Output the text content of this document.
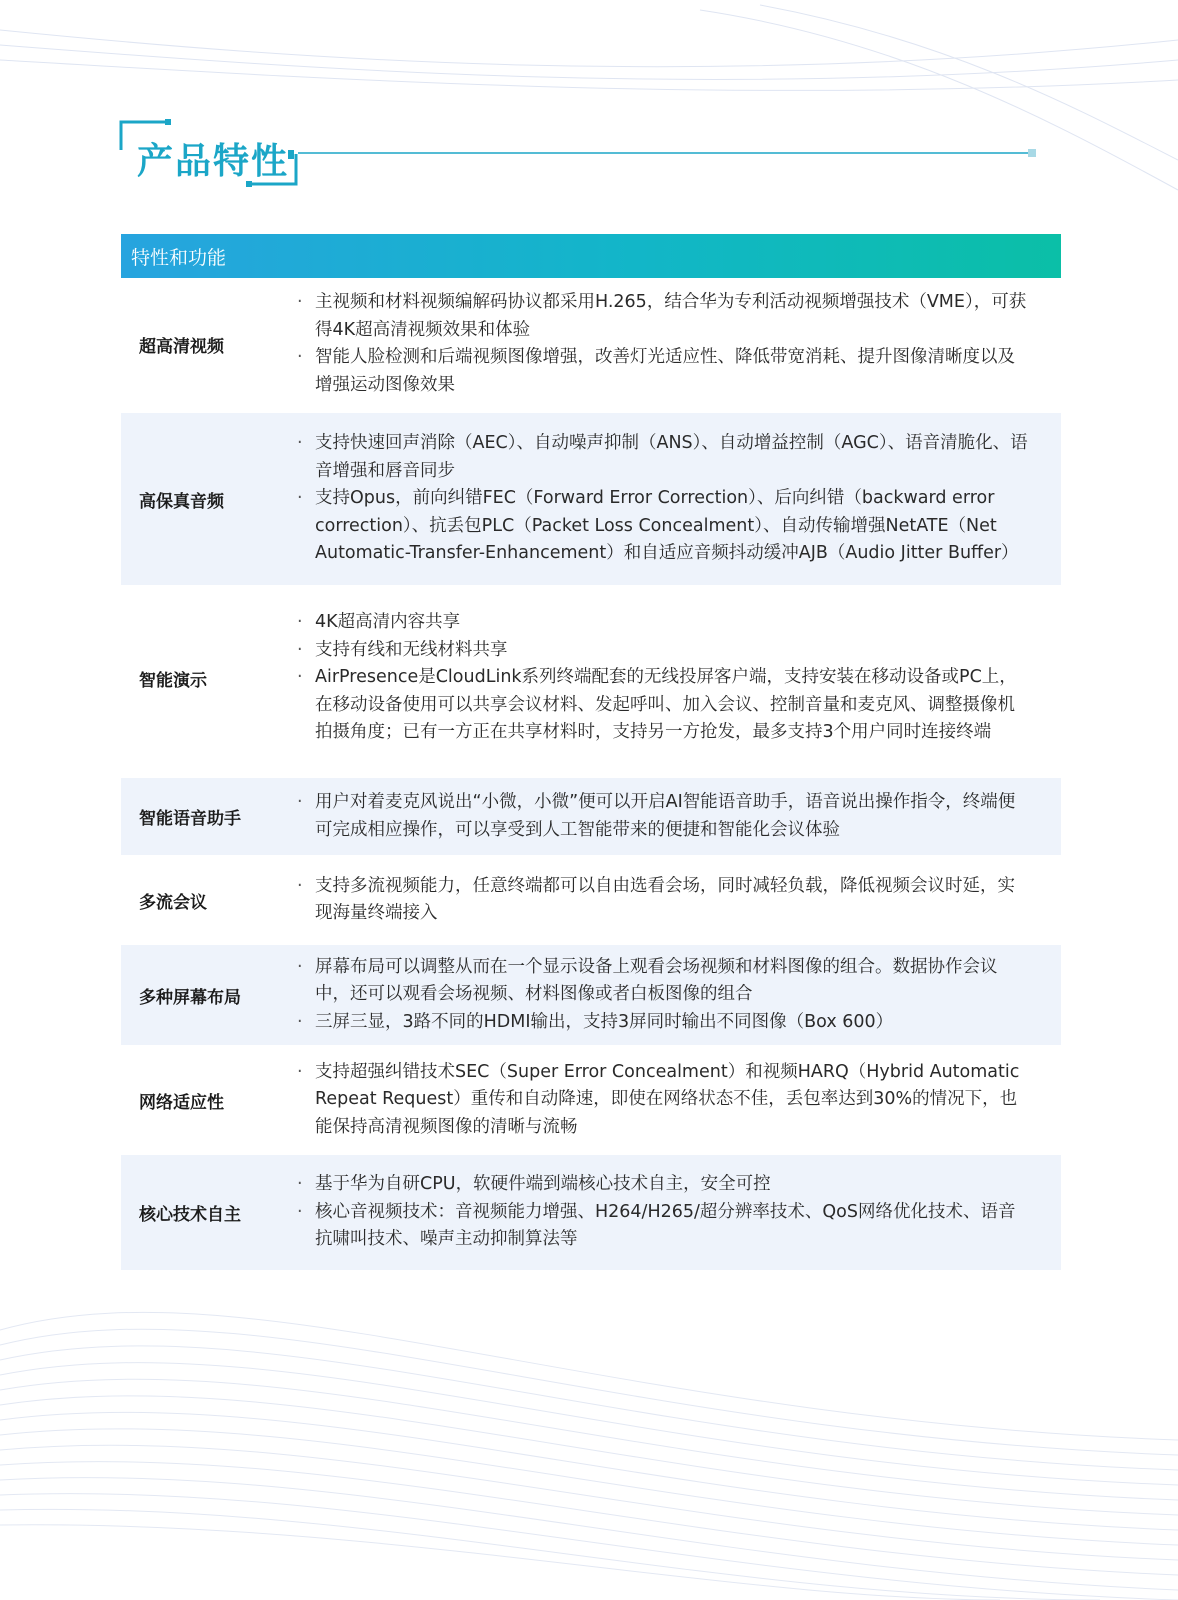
产品特性
特性和功能
超高清视频
· 主视频和材料视频编解码协议都采用H.265，结合华为专利活动视频增强技术（VME），可获得4K超高清视频效果和体验
· 智能人脸检测和后端视频图像增强，改善灯光适应性、降低带宽消耗、提升图像清晰度以及增强运动图像效果
高保真音频
· 支持快速回声消除（AEC）、自动噪声抑制（ANS）、自动增益控制（AGC）、语音清脆化、语音增强和唇音同步
· 支持Opus，前向纠错FEC（Forward Error Correction）、后向纠错（backward error correction）、抗丢包PLC（Packet Loss Concealment）、自动传输增强NetATE（Net Automatic-Transfer-Enhancement）和自适应音频抖动缓冲AJB（Audio Jitter Buffer）
智能演示
· 4K超高清内容共享
· 支持有线和无线材料共享
· AirPresence是CloudLink系列终端配套的无线投屏客户端，支持安装在移动设备或PC上，在移动设备使用可以共享会议材料、发起呼叫、加入会议、控制音量和麦克风、调整摄像机拍摄角度；已有一方正在共享材料时，支持另一方抢发，最多支持3个用户同时连接终端
智能语音助手
· 用户对着麦克风说出“小微，小微”便可以开启AI智能语音助手，语音说出操作指令，终端便可完成相应操作，可以享受到人工智能带来的便捷和智能化会议体验
多流会议
· 支持多流视频能力，任意终端都可以自由选看会场，同时减轻负载，降低视频会议时延，实现海量终端接入
多种屏幕布局
· 屏幕布局可以调整从而在一个显示设备上观看会场视频和材料图像的组合。数据协作会议中，还可以观看会场视频、材料图像或者白板图像的组合
· 三屏三显，3路不同的HDMI输出，支持3屏同时输出不同图像（Box 600）
网络适应性
· 支持超强纠错技术SEC（Super Error Concealment）和视频HARQ（Hybrid Automatic Repeat Request）重传和自动降速，即使在网络状态不佳，丢包率达到30%的情况下，也能保持高清视频图像的清晰与流畅
核心技术自主
· 基于华为自研CPU，软硬件端到端核心技术自主，安全可控
· 核心音视频技术：音视频能力增强、H264/H265/超分辨率技术、QoS网络优化技术、语音抗啸叫技术、噪声主动抑制算法等
